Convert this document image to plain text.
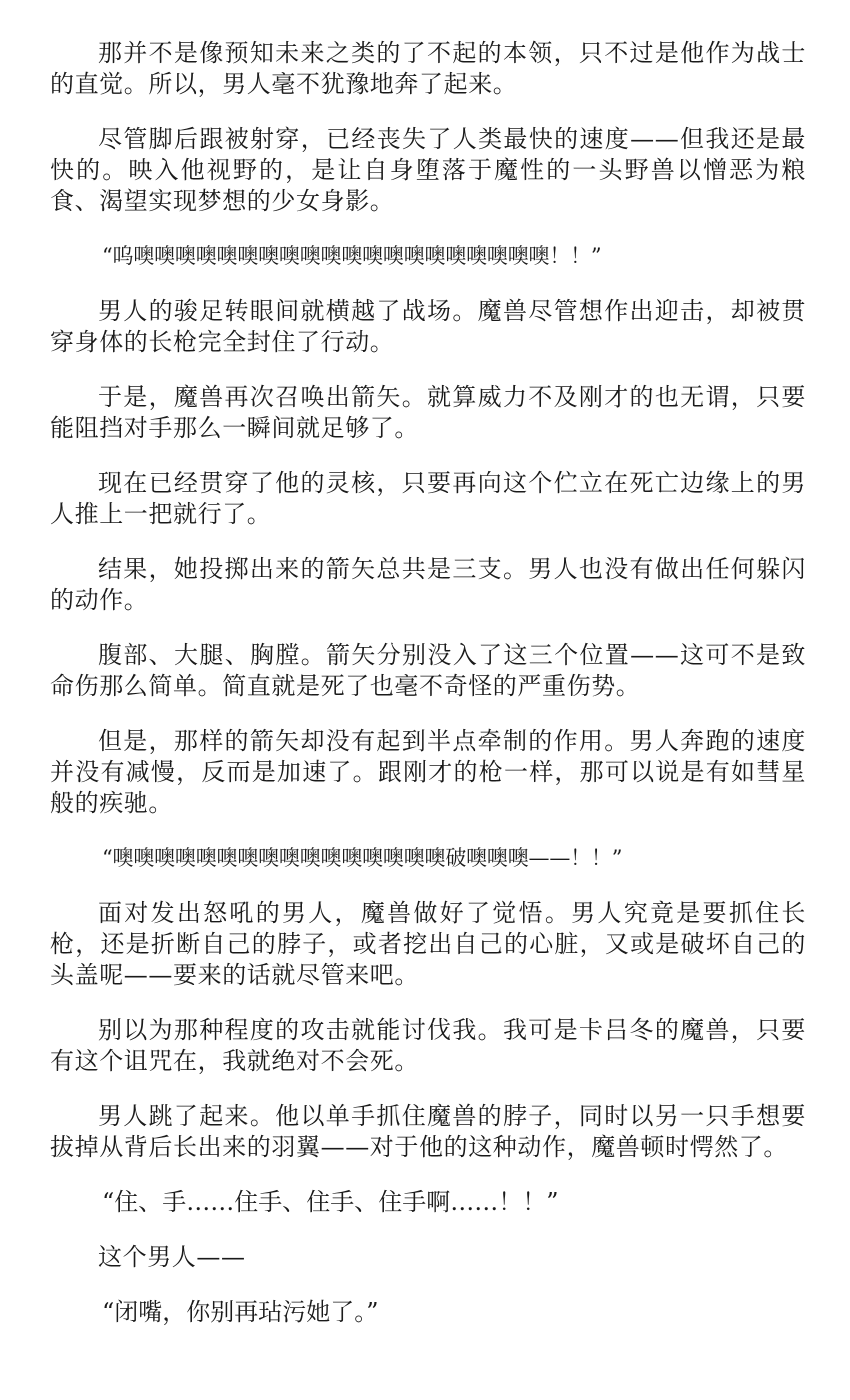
那并不是像预知未来之类的了不起的本领，只不过是他作为战士的直觉。所以，男人毫不犹豫地奔了起来。

尽管脚后跟被射穿，已经丧失了人类最快的速度——但我还是最快的。映入他视野的，是让自身堕落于魔性的一头野兽以憎恶为粮食、渴望实现梦想的少女身影。

“呜噢噢噢噢噢噢噢噢噢噢噢噢噢噢噢噢噢噢噢噢！！”

男人的骏足转眼间就横越了战场。魔兽尽管想作出迎击，却被贯穿身体的长枪完全封住了行动。

于是，魔兽再次召唤出箭矢。就算威力不及刚才的也无谓，只要能阻挡对手那么一瞬间就足够了。

现在已经贯穿了他的灵核，只要再向这个伫立在死亡边缘上的男人推上一把就行了。

结果，她投掷出来的箭矢总共是三支。男人也没有做出任何躲闪的动作。

腹部、大腿、胸膛。箭矢分别没入了这三个位置——这可不是致命伤那么简单。简直就是死了也毫不奇怪的严重伤势。

但是，那样的箭矢却没有起到半点牵制的作用。男人奔跑的速度并没有减慢，反而是加速了。跟刚才的枪一样，那可以说是有如彗星般的疾驰。

“噢噢噢噢噢噢噢噢噢噢噢噢噢噢噢噢破噢噢噢——！！”

面对发出怒吼的男人，魔兽做好了觉悟。男人究竟是要抓住长枪，还是折断自己的脖子，或者挖出自己的心脏，又或是破坏自己的头盖呢——要来的话就尽管来吧。

别以为那种程度的攻击就能讨伐我。我可是卡吕冬的魔兽，只要有这个诅咒在，我就绝对不会死。

男人跳了起来。他以单手抓住魔兽的脖子，同时以另一只手想要拔掉从背后长出来的羽翼——对于他的这种动作，魔兽顿时愕然了。

“住、手……住手、住手、住手啊……！！”

这个男人——

“闭嘴，你别再玷污她了。”
